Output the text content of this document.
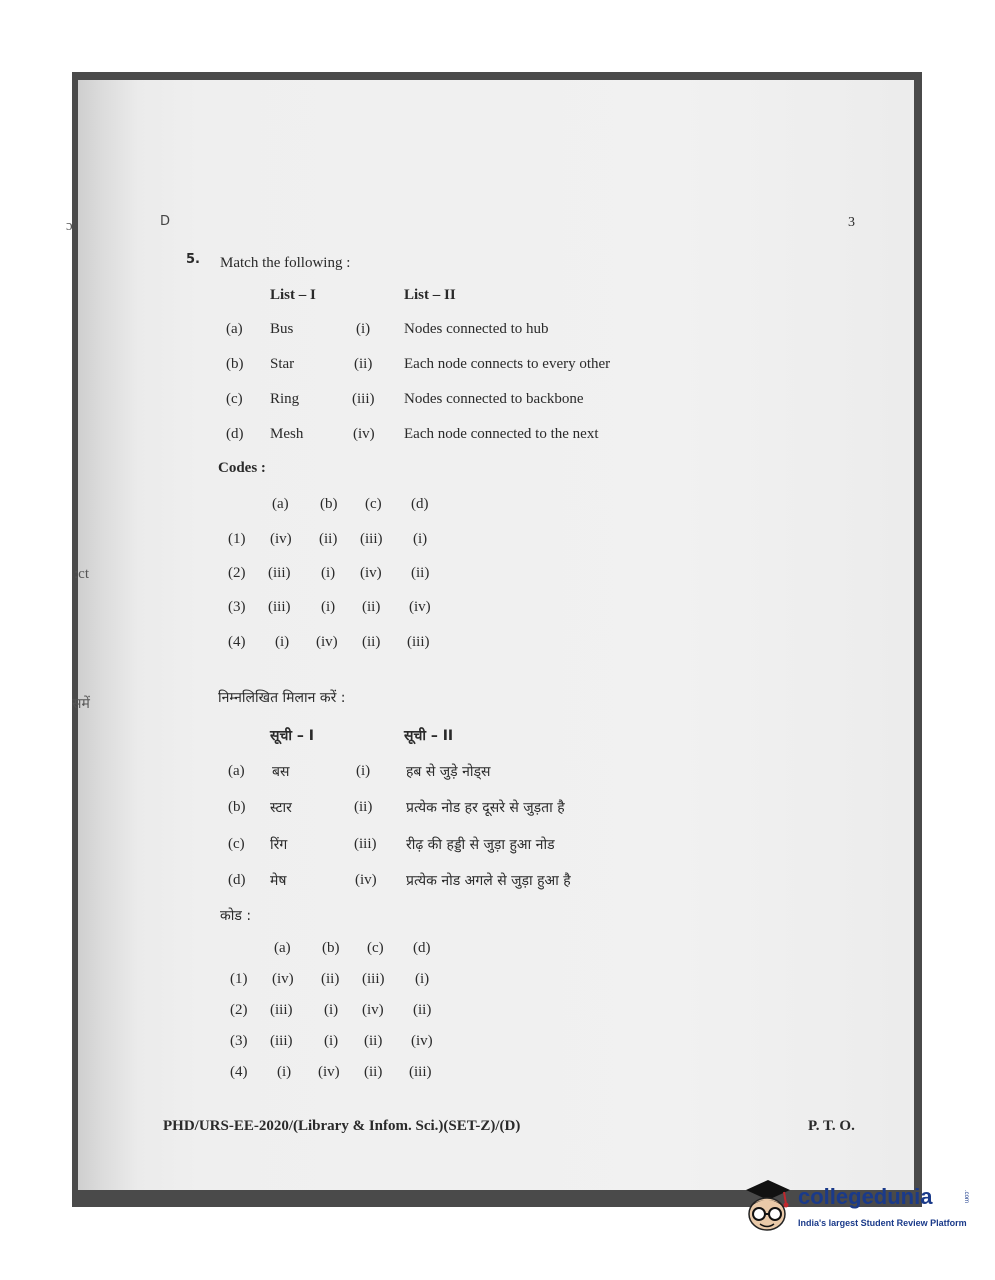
ɔ
:ct
समें
D	3
5. Match the following :
List – I	List – II
(a) Bus	(i) Nodes connected to hub
(b) Star	(ii) Each node connects to every other
(c) Ring	(iii) Nodes connected to backbone
(d) Mesh	(iv) Each node connected to the next
Codes :
(a) (b) (c) (d)
(1) (iv) (ii) (iii) (i)
(2) (iii) (i) (iv) (ii)
(3) (iii) (i) (ii) (iv)
(4) (i) (iv) (ii) (iii)
निम्नलिखित मिलान करें :
सूची – I	सूची – II
(a) बस	(i)	हब से जुड़े नोड्स
(b) स्टार	(ii) प्रत्येक नोड हर दूसरे से जुड़ता है
(c) रिंग	(iii) रीढ़ की हड्डी से जुड़ा हुआ नोड
(d) मेष	(iv) प्रत्येक नोड अगले से जुड़ा हुआ है
कोड :
(a) (b) (c) (d)
(1) (iv) (ii) (iii) (i)
(2) (iii) (i) (iv) (ii)
(3) (iii) (i) (ii) (iv)
(4) (i) (iv) (ii) (iii)
PHD/URS-EE-2020/(Library & Infom. Sci.)(SET-Z)/(D)	P. T. O.
collegedunia	.com
India's largest Student Review Platform
